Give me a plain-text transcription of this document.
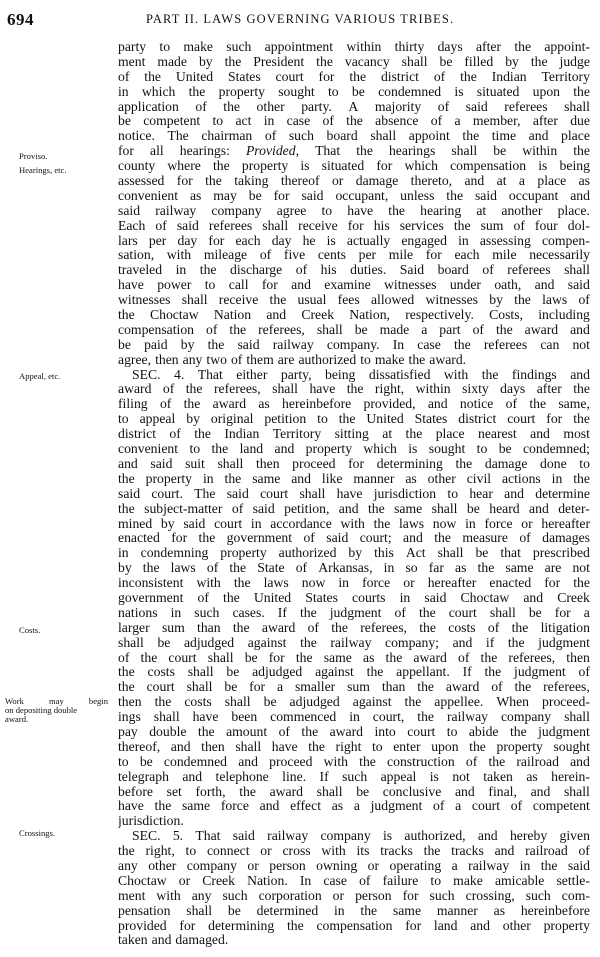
694	PART II. LAWS GOVERNING VARIOUS TRIBES.
Proviso.
Hearings, etc.
Appeal, etc.
Costs.
Work	may	begin
on depositing double
award.
Crossings.
party to make such appointment within thirty days after the appoint-
ment made by the President the vacancy shall be filled by the judge
of the United States court for the district of the Indian Territory
in which the property sought to be condemned is situated upon the
application of the other party. A majority of said referees shall
be competent to act in case of the absence of a member, after due
notice. The chairman of such board shall appoint the time and place
for all hearings: Provided, That the hearings shall be within the
county where the property is situated for which compensation is being
assessed for the taking thereof or damage thereto, and at a place as
convenient as may be for said occupant, unless the said occupant and
said railway company agree to have the hearing at another place.
Each of said referees shall receive for his services the sum of four dol-
lars per day for each day he is actually engaged in assessing compen-
sation, with mileage of five cents per mile for each mile necessarily
traveled in the discharge of his duties. Said board of referees shall
have power to call for and examine witnesses under oath, and said
witnesses shall receive the usual fees allowed witnesses by the laws of
the Choctaw Nation and Creek Nation, respectively. Costs, including
compensation of the referees, shall be made a part of the award and
be paid by the said railway company. In case the referees can not
agree, then any two of them are authorized to make the award.
SEC. 4. That either party, being dissatisfied with the findings and
award of the referees, shall have the right, within sixty days after the
filing of the award as hereinbefore provided, and notice of the same,
to appeal by original petition to the United States district court for the
district of the Indian Territory sitting at the place nearest and most
convenient to the land and property which is sought to be condemned;
and said suit shall then proceed for determining the damage done to
the property in the same and like manner as other civil actions in the
said court. The said court shall have jurisdiction to hear and determine
the subject-matter of said petition, and the same shall be heard and deter-
mined by said court in accordance with the laws now in force or hereafter
enacted for the government of said court; and the measure of damages
in condemning property authorized by this Act shall be that prescribed
by the laws of the State of Arkansas, in so far as the same are not
inconsistent with the laws now in force or hereafter enacted for the
government of the United States courts in said Choctaw and Creek
nations in such cases. If the judgment of the court shall be for a
larger sum than the award of the referees, the costs of the litigation
shall be adjudged against the railway company; and if the judgment
of the court shall be for the same as the award of the referees, then
the costs shall be adjudged against the appellant. If the judgment of
the court shall be for a smaller sum than the award of the referees,
then the costs shall be adjudged against the appellee. When proceed-
ings shall have been commenced in court, the railway company shall
pay double the amount of the award into court to abide the judgment
thereof, and then shall have the right to enter upon the property sought
to be condemned and proceed with the construction of the railroad and
telegraph and telephone line. If such appeal is not taken as herein-
before set forth, the award shall be conclusive and final, and shall
have the same force and effect as a judgment of a court of competent
jurisdiction.
SEC. 5. That said railway company is authorized, and hereby given
the right, to connect or cross with its tracks the tracks and railroad of
any other company or person owning or operating a railway in the said
Choctaw or Creek Nation. In case of failure to make amicable settle-
ment with any such corporation or person for such crossing, such com-
pensation shall be determined in the same manner as hereinbefore
provided for determining the compensation for land and other property
taken and damaged.
